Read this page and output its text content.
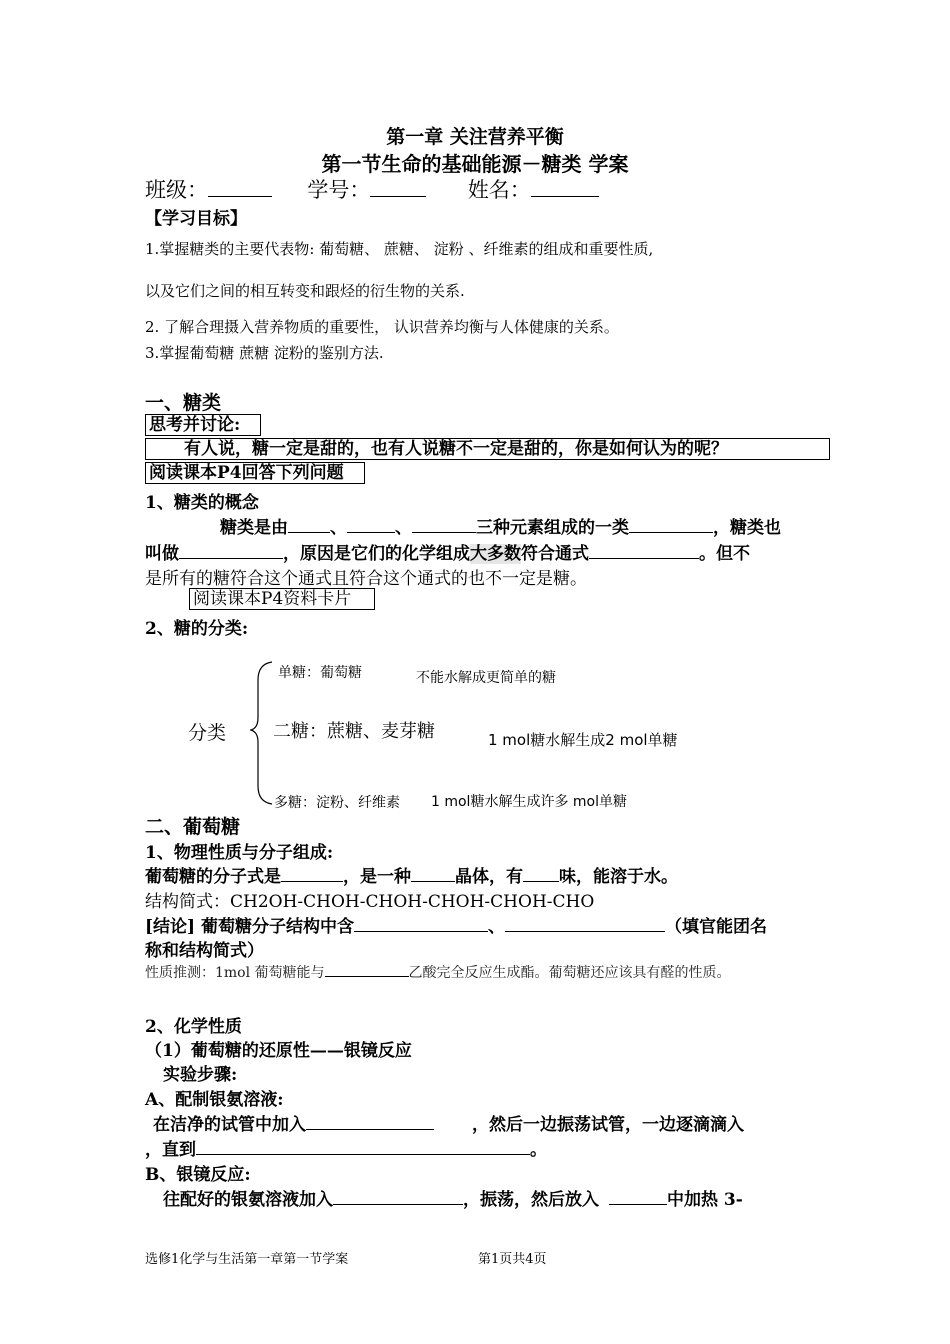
第一章 关注营养平衡
第一节生命的基础能源－糖类 学案
班级：	学号：	姓名：
【学习目标】
1.掌握糖类的主要代表物: 葡萄糖、 蔗糖、 淀粉 、纤维素的组成和重要性质,
以及它们之间的相互转变和跟烃的衍生物的关系.
2. 了解合理摄入营养物质的重要性， 认识营养均衡与人体健康的关系。
3.掌握葡萄糖 蔗糖 淀粉的鉴别方法.
一、糖类
思考并讨论:
有人说，糖一定是甜的，也有人说糖不一定是甜的，你是如何认为的呢？
阅读课本P4回答下列问题
1、糖类的概念
糖类是由 、	、	三种元素组成的一类	，糖类也
叫做	，原因是它们的化学组成大多数符合通式	。但不
是所有的糖符合这个通式且符合这个通式的也不一定是糖。
阅读课本P4资料卡片
2、糖的分类:
分类
单糖：葡萄糖	不能水解成更简单的糖
二糖：蔗糖、麦芽糖	1 mol糖水解生成2 mol单糖
多糖：淀粉、纤维素 1 mol糖水解生成许多 mol单糖
二、葡萄糖
1、物理性质与分子组成:
葡萄糖的分子式是	，是一种	晶体，有 味，能溶于水。
结构简式：CH2OH-CHOH-CHOH-CHOH-CHOH-CHO
[结论] 葡萄糖分子结构中含	、	（填官能团名
称和结构简式）
性质推测：1mol 葡萄糖能与	乙酸完全反应生成酯。葡萄糖还应该具有醛的性质。
2、化学性质
（1）葡萄糖的还原性——银镜反应
实验步骤:
A、配制银氨溶液:
在洁净的试管中加入	，然后一边振荡试管，一边逐滴滴入
，直到	。
B、银镜反应:
往配好的银氨溶液加入	，振荡，然后放入	中加热 3-
选修1化学与生活第一章第一节学案	第1页共4页
